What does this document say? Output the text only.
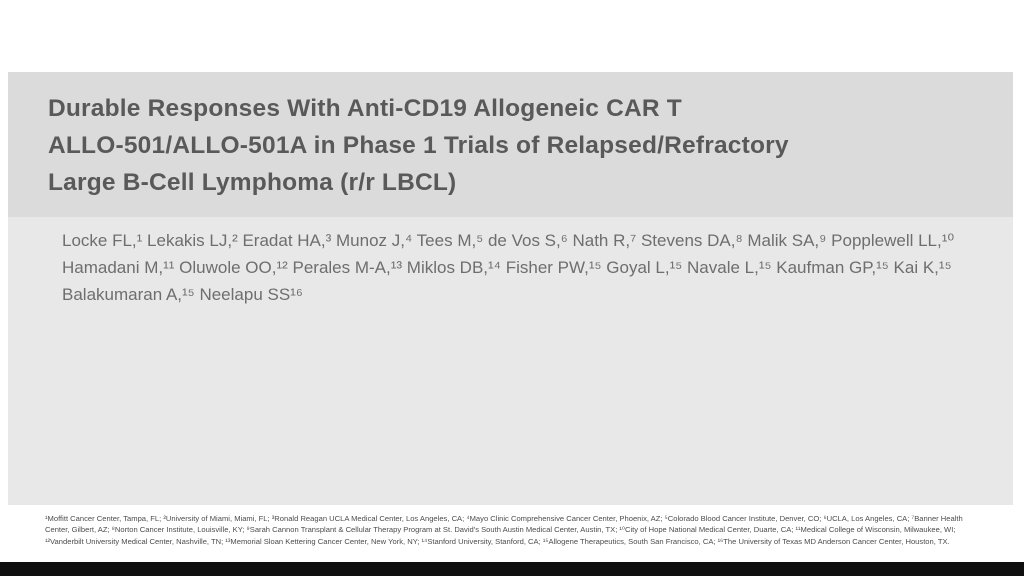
Durable Responses With Anti-CD19 Allogeneic CAR T
ALLO-501/ALLO-501A in Phase 1 Trials of Relapsed/Refractory
Large B-Cell Lymphoma (r/r LBCL)

Locke FL,¹ Lekakis LJ,² Eradat HA,³ Munoz J,⁴ Tees M,⁵ de Vos S,⁶ Nath R,⁷ Stevens DA,⁸ Malik SA,⁹ Popplewell LL,¹⁰
Hamadani M,¹¹ Oluwole OO,¹² Perales M-A,¹³ Miklos DB,¹⁴ Fisher PW,¹⁵ Goyal L,¹⁵ Navale L,¹⁵ Kaufman GP,¹⁵ Kai K,¹⁵
Balakumaran A,¹⁵ Neelapu SS¹⁶

¹Moffitt Cancer Center, Tampa, FL; ²University of Miami, Miami, FL; ³Ronald Reagan UCLA Medical Center, Los Angeles, CA; ⁴Mayo Clinic Comprehensive Cancer Center, Phoenix, AZ; ⁵Colorado Blood Cancer Institute, Denver, CO; ⁶UCLA, Los Angeles, CA; ⁷Banner Health
Center, Gilbert, AZ; ⁸Norton Cancer Institute, Louisville, KY; ⁹Sarah Cannon Transplant & Cellular Therapy Program at St. David's South Austin Medical Center, Austin, TX; ¹⁰City of Hope National Medical Center, Duarte, CA; ¹¹Medical College of Wisconsin, Milwaukee, WI;
¹²Vanderbilt University Medical Center, Nashville, TN; ¹³Memorial Sloan Kettering Cancer Center, New York, NY; ¹⁴Stanford University, Stanford, CA; ¹⁵Allogene Therapeutics, South San Francisco, CA; ¹⁶The University of Texas MD Anderson Cancer Center, Houston, TX.
